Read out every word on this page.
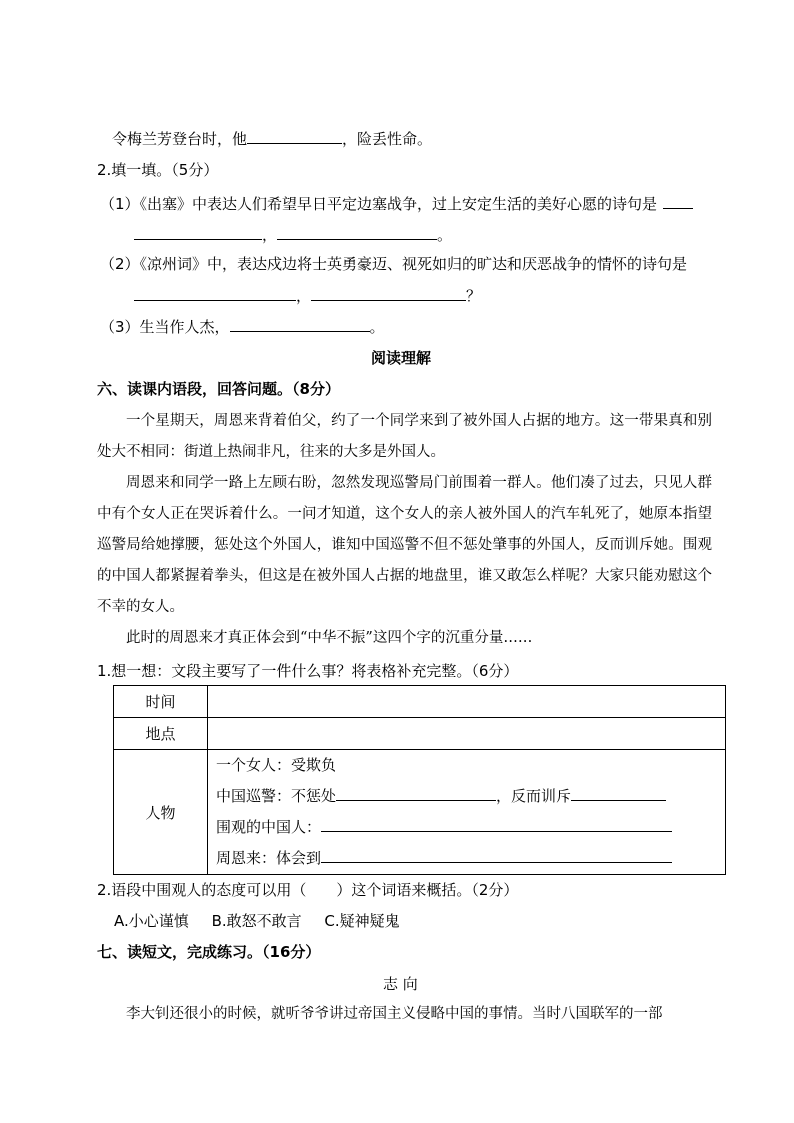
令梅兰芳登台时，他	，险丢性命。
2.填一填。（5分）
（1）《出塞》中表达人们希望早日平定边塞战争，过上安定生活的美好心愿的诗句是
，	。
（2）《凉州词》中，表达戍边将士英勇豪迈、视死如归的旷达和厌恶战争的情怀的诗句是
，	？
（3）生当作人杰，	。
阅读理解
六、读课内语段，回答问题。（8分）

一个星期天，周恩来背着伯父，约了一个同学来到了被外国人占据的地方。这一带果真和别处大不相同：街道上热闹非凡，往来的大多是外国人。

周恩来和同学一路上左顾右盼，忽然发现巡警局门前围着一群人。他们凑了过去，只见人群中有个女人正在哭诉着什么。一问才知道，这个女人的亲人被外国人的汽车轧死了，她原本指望巡警局给她撑腰，惩处这个外国人，谁知中国巡警不但不惩处肇事的外国人，反而训斥她。围观的中国人都紧握着拳头，但这是在被外国人占据的地盘里，谁又敢怎么样呢？大家只能劝慰这个不幸的女人。

此时的周恩来才真正体会到“中华不振”这四个字的沉重分量……

1.想一想：文段主要写了一件什么事？将表格补充完整。（6分）
时间	
地点	
人物	一个女人：受欺负
中国巡警：不惩处 ，反而训斥
围观的中国人：
周恩来：体会到
2.语段中围观人的态度可以用（　　）这个词语来概括。（2分）
A.小心谨慎 B.敢怒不敢言 C.疑神疑鬼
七、读短文，完成练习。（16分）
志 向
李大钊还很小的时候，就听爷爷讲过帝国主义侵略中国的事情。当时八国联军的一部
